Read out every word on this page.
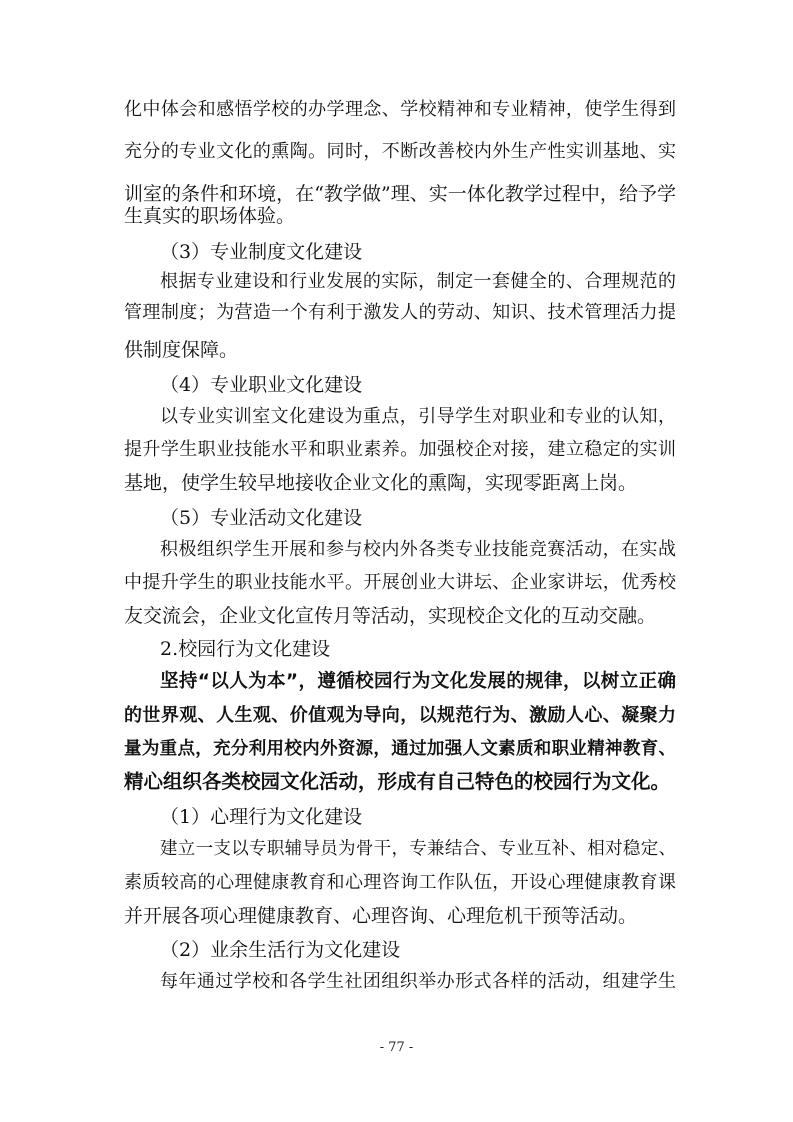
化中体会和感悟学校的办学理念、学校精神和专业精神，使学生得到
充分的专业文化的熏陶。同时，不断改善校内外生产性实训基地、实
训室的条件和环境，在“教学做”理、实一体化教学过程中，给予学
生真实的职场体验。
（3）专业制度文化建设
根据专业建设和行业发展的实际，制定一套健全的、合理规范的
管理制度；为营造一个有利于激发人的劳动、知识、技术管理活力提
供制度保障。
（4）专业职业文化建设
以专业实训室文化建设为重点，引导学生对职业和专业的认知，
提升学生职业技能水平和职业素养。加强校企对接，建立稳定的实训
基地，使学生较早地接收企业文化的熏陶，实现零距离上岗。
（5）专业活动文化建设
积极组织学生开展和参与校内外各类专业技能竞赛活动，在实战
中提升学生的职业技能水平。开展创业大讲坛、企业家讲坛，优秀校
友交流会，企业文化宣传月等活动，实现校企文化的互动交融。
2.校园行为文化建设
坚持“以人为本”，遵循校园行为文化发展的规律，以树立正确
的世界观、人生观、价值观为导向，以规范行为、激励人心、凝聚力
量为重点，充分利用校内外资源，通过加强人文素质和职业精神教育、
精心组织各类校园文化活动，形成有自己特色的校园行为文化。
（1）心理行为文化建设
建立一支以专职辅导员为骨干，专兼结合、专业互补、相对稳定、
素质较高的心理健康教育和心理咨询工作队伍，开设心理健康教育课
并开展各项心理健康教育、心理咨询、心理危机干预等活动。
（2）业余生活行为文化建设
每年通过学校和各学生社团组织举办形式各样的活动，组建学生
- 77 -
